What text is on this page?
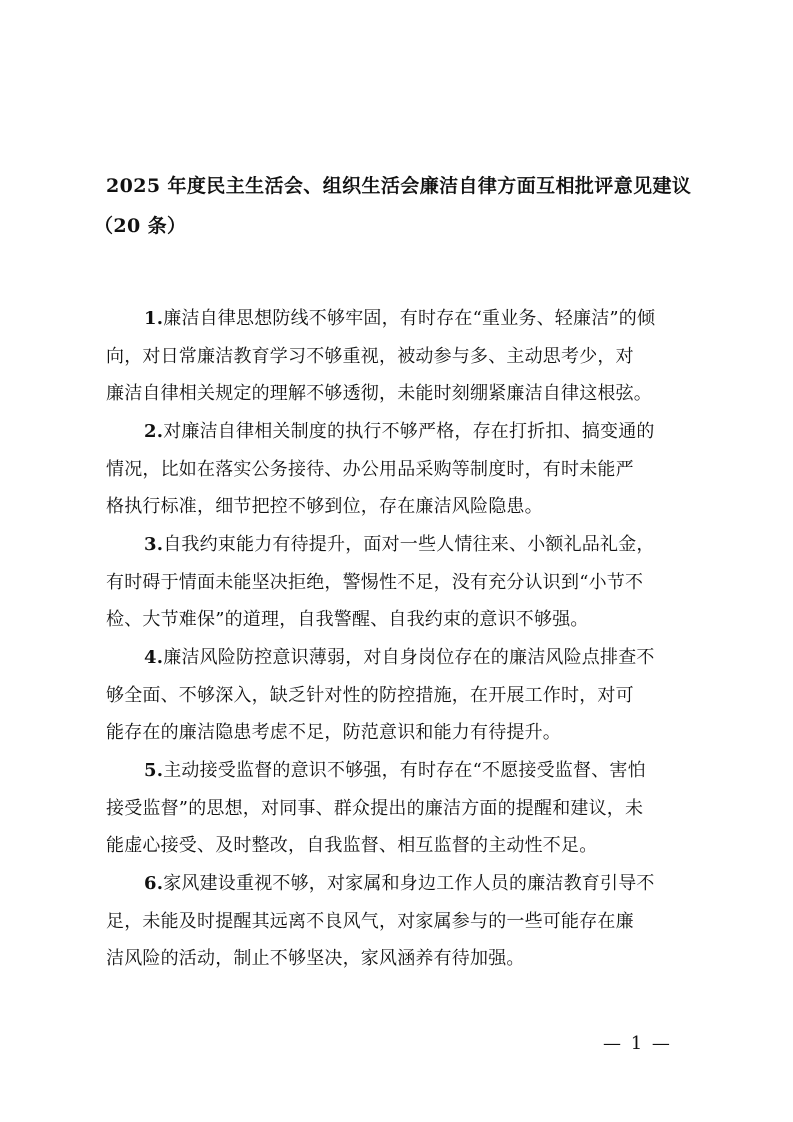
2025 年度民主生活会、组织生活会廉洁自律方面互相批评意见建议
（20 条）

1.廉洁自律思想防线不够牢固，有时存在“重业务、轻廉洁”的倾
向，对日常廉洁教育学习不够重视，被动参与多、主动思考少，对
廉洁自律相关规定的理解不够透彻，未能时刻绷紧廉洁自律这根弦。

2.对廉洁自律相关制度的执行不够严格，存在打折扣、搞变通的
情况，比如在落实公务接待、办公用品采购等制度时，有时未能严
格执行标准，细节把控不够到位，存在廉洁风险隐患。

3.自我约束能力有待提升，面对一些人情往来、小额礼品礼金，
有时碍于情面未能坚决拒绝，警惕性不足，没有充分认识到“小节不
检、大节难保”的道理，自我警醒、自我约束的意识不够强。

4.廉洁风险防控意识薄弱，对自身岗位存在的廉洁风险点排查不
够全面、不够深入，缺乏针对性的防控措施，在开展工作时，对可
能存在的廉洁隐患考虑不足，防范意识和能力有待提升。

5.主动接受监督的意识不够强，有时存在“不愿接受监督、害怕
接受监督”的思想，对同事、群众提出的廉洁方面的提醒和建议，未
能虚心接受、及时整改，自我监督、相互监督的主动性不足。

6.家风建设重视不够，对家属和身边工作人员的廉洁教育引导不
足，未能及时提醒其远离不良风气，对家属参与的一些可能存在廉
洁风险的活动，制止不够坚决，家风涵养有待加强。

— 1 —
